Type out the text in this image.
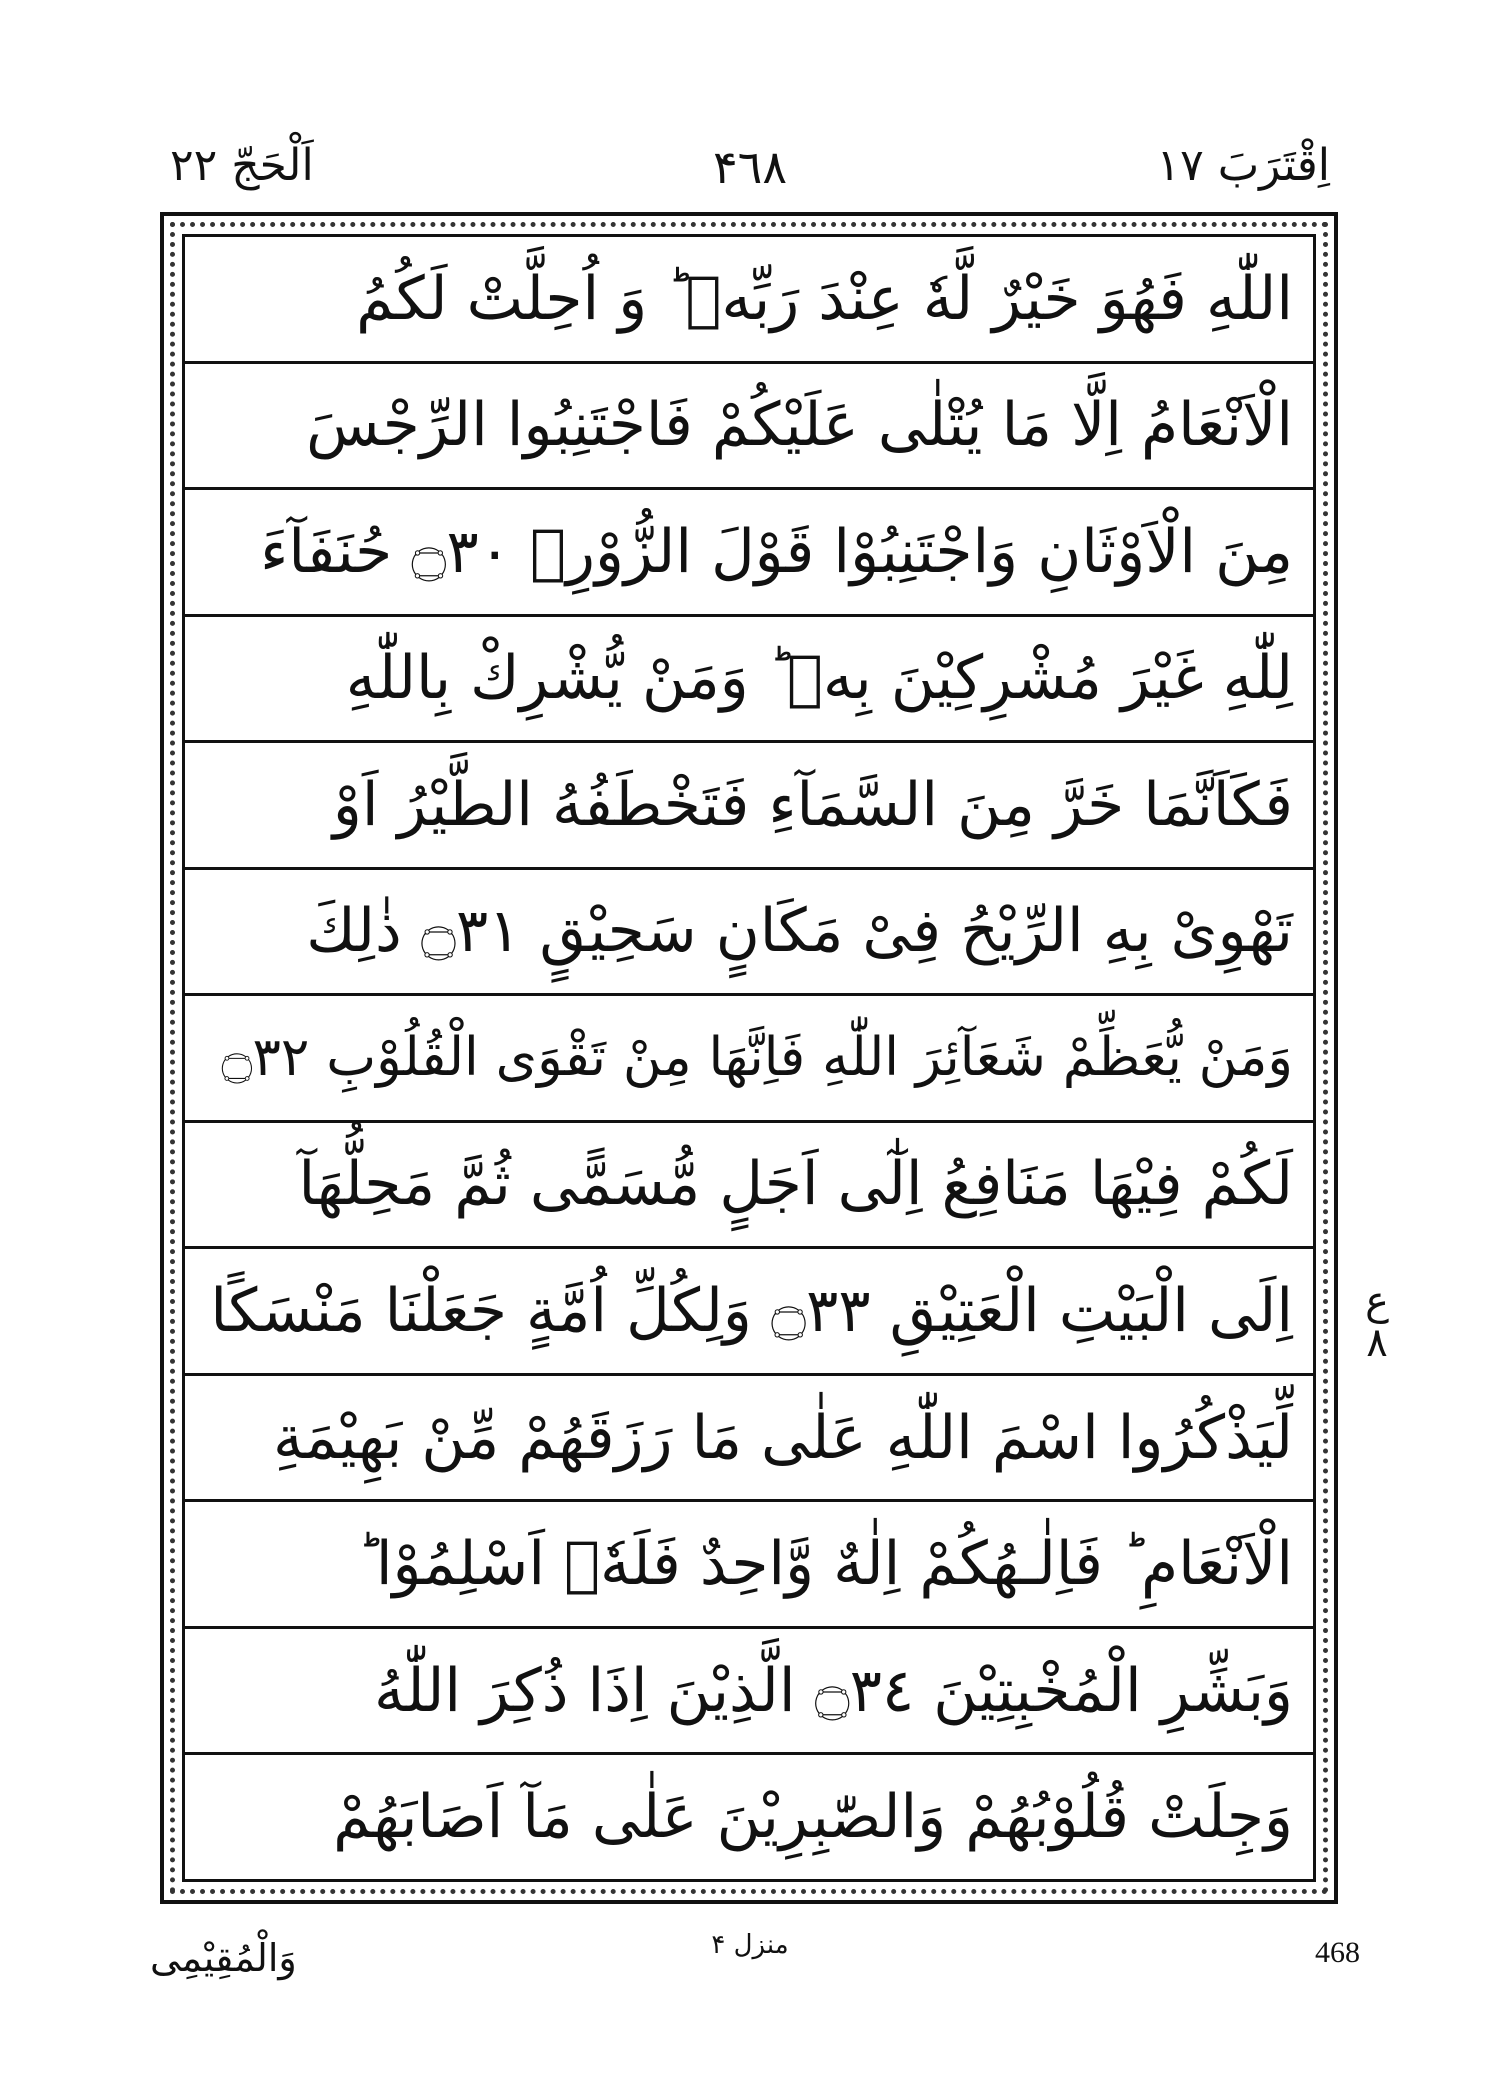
اِقْتَرَبَ ١٧
۴٦٨
اَلْحَجّ ٢٢
اللّٰهِ فَهُوَ خَيْرٌ لَّهٗ عِنْدَ رَبِّهٖ ؕ وَ اُحِلَّتْ لَكُمُ
الْاَنْعَامُ اِلَّا مَا يُتْلٰى عَلَيْكُمْ فَاجْتَنِبُوا الرِّجْسَ
مِنَ الْاَوْثَانِ وَاجْتَنِبُوْا قَوْلَ الزُّوْرِۙ ۝٣٠ حُنَفَآءَ
لِلّٰهِ غَيْرَ مُشْرِكِيْنَ بِهٖ ؕ وَمَنْ يُّشْرِكْ بِاللّٰهِ
فَكَاَنَّمَا خَرَّ مِنَ السَّمَآءِ فَتَخْطَفُهُ الطَّيْرُ اَوْ
تَهْوِىْ بِهِ الرِّيْحُ فِىْ مَكَانٍ سَحِيْقٍ ۝٣١ ذٰلِكَ
وَمَنْ يُّعَظِّمْ شَعَآئِرَ اللّٰهِ فَاِنَّهَا مِنْ تَقْوَى الْقُلُوْبِ ۝٣٢
لَكُمْ فِيْهَا مَنَافِعُ اِلٰٓى اَجَلٍ مُّسَمًّى ثُمَّ مَحِلُّهَآ
اِلَى الْبَيْتِ الْعَتِيْقِ ۝٣٣ وَلِكُلِّ اُمَّةٍ جَعَلْنَا مَنْسَكًا
لِّيَذْكُرُوا اسْمَ اللّٰهِ عَلٰى مَا رَزَقَهُمْ مِّنْ بَهِيْمَةِ
الْاَنْعَامِ ؕ فَاِلٰـهُكُمْ اِلٰهٌ وَّاحِدٌ فَلَهٗۤ اَسْلِمُوْا ؕ
وَبَشِّرِ الْمُخْبِتِيْنَ ۝٣٤ الَّذِيْنَ اِذَا ذُكِرَ اللّٰهُ
وَجِلَتْ قُلُوْبُهُمْ وَالصّٰبِرِيْنَ عَلٰى مَآ اَصَابَهُمْ
ع ٨
468
منزل ۴
وَالْمُقِيْمِى
